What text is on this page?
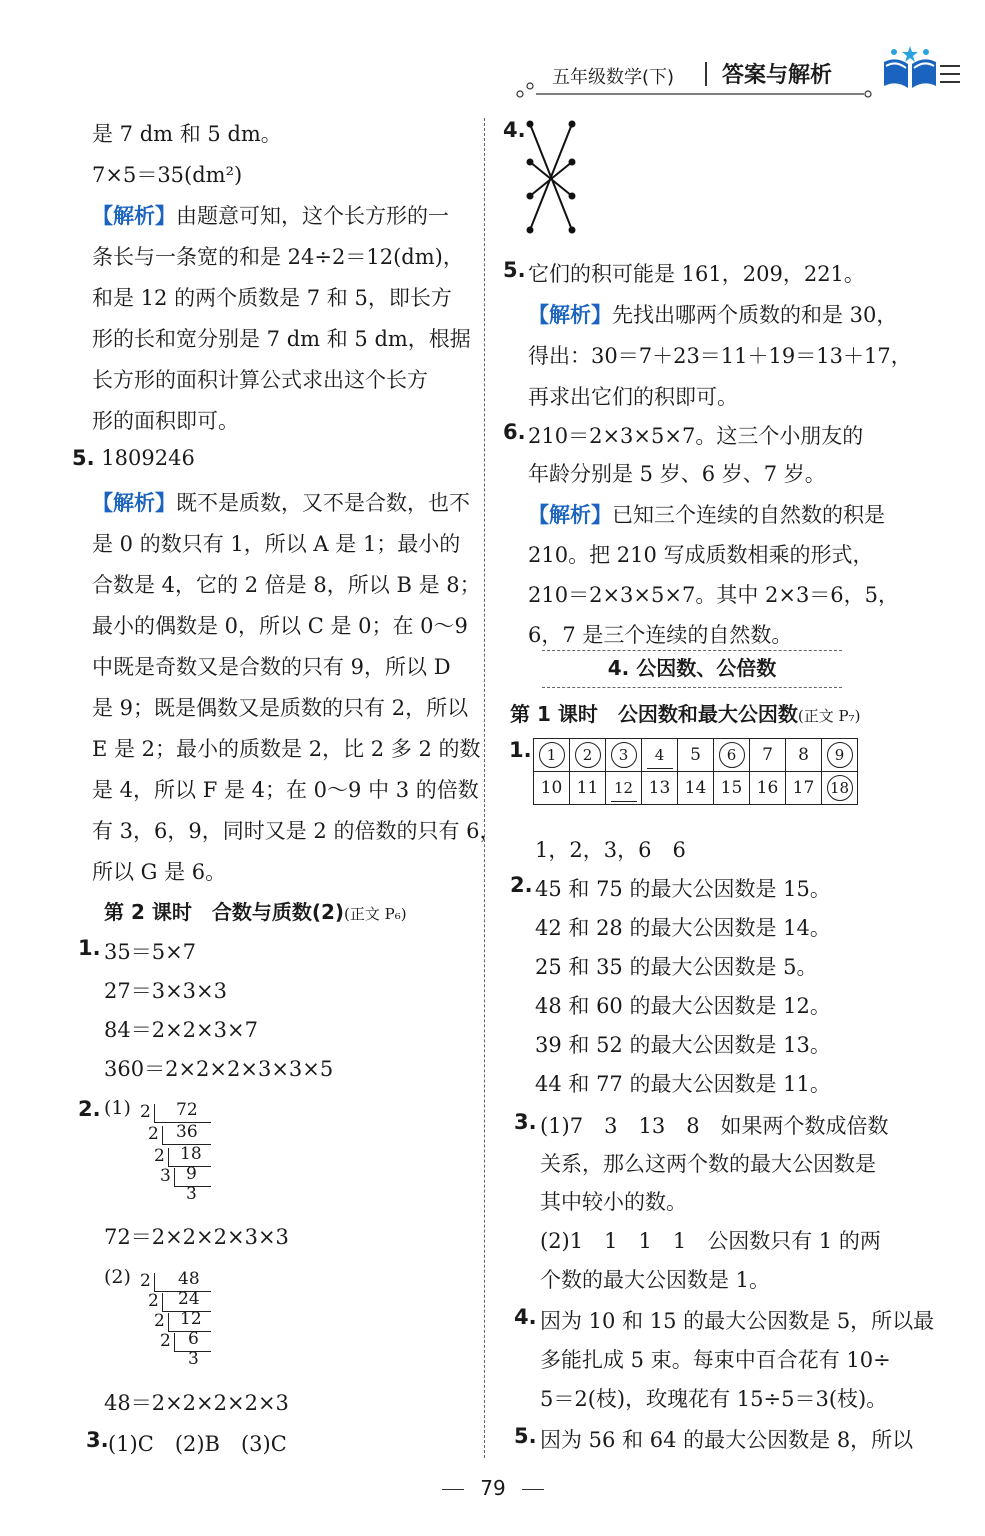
五年级数学(下) 答案与解析
是 7 dm 和 5 dm。
7×5＝35(dm²)
【解析】由题意可知，这个长方形的一
条长与一条宽的和是 24÷2＝12(dm)，
和是 12 的两个质数是 7 和 5，即长方
形的长和宽分别是 7 dm 和 5 dm，根据
长方形的面积计算公式求出这个长方
形的面积即可。
5. 1809246
【解析】既不是质数，又不是合数，也不
是 0 的数只有 1，所以 A 是 1；最小的
合数是 4，它的 2 倍是 8，所以 B 是 8；
最小的偶数是 0，所以 C 是 0；在 0～9
中既是奇数又是合数的只有 9，所以 D
是 9；既是偶数又是质数的只有 2，所以
E 是 2；最小的质数是 2，比 2 多 2 的数
是 4，所以 F 是 4；在 0～9 中 3 的倍数
有 3，6，9，同时又是 2 的倍数的只有 6，
所以 G 是 6。
第 2 课时　合数与质数(2)(正文 P₆)
1. 35＝5×7
27＝3×3×3
84＝2×2×3×7
360＝2×2×2×3×3×5
2. (1) 2 72
2 36
2 18
3 9
3
72＝2×2×2×3×3
(2) 2 48
2 24
2 12
2 6
3
48＝2×2×2×2×3
3. (1)C　(2)B　(3)C
4.
5. 它们的积可能是 161，209，221。
【解析】先找出哪两个质数的和是 30，
得出：30＝7＋23＝11＋19＝13＋17，
再求出它们的积即可。
6. 210＝2×3×5×7。这三个小朋友的
年龄分别是 5 岁、6 岁、7 岁。
【解析】已知三个连续的自然数的积是
210。把 210 写成质数相乘的形式，
210＝2×3×5×7。其中 2×3＝6，5，
6，7 是三个连续的自然数。
4. 公因数、公倍数
第 1 课时　公因数和最大公因数(正文 P₇)
1. 1	2	3	4	5	6	7	8	9
10	11	12	13	14	15	16	17	18
1，2，3，6　6
2. 45 和 75 的最大公因数是 15。
42 和 28 的最大公因数是 14。
25 和 35 的最大公因数是 5。
48 和 60 的最大公因数是 12。
39 和 52 的最大公因数是 13。
44 和 77 的最大公因数是 11。
3. (1)7　3　13　8　如果两个数成倍数
关系，那么这两个数的最大公因数是
其中较小的数。
(2)1　1　1　1　公因数只有 1 的两
个数的最大公因数是 1。
4. 因为 10 和 15 的最大公因数是 5，所以最
多能扎成 5 束。每束中百合花有 10÷
5＝2(枝)，玫瑰花有 15÷5＝3(枝)。
5. 因为 56 和 64 的最大公因数是 8，所以
79
